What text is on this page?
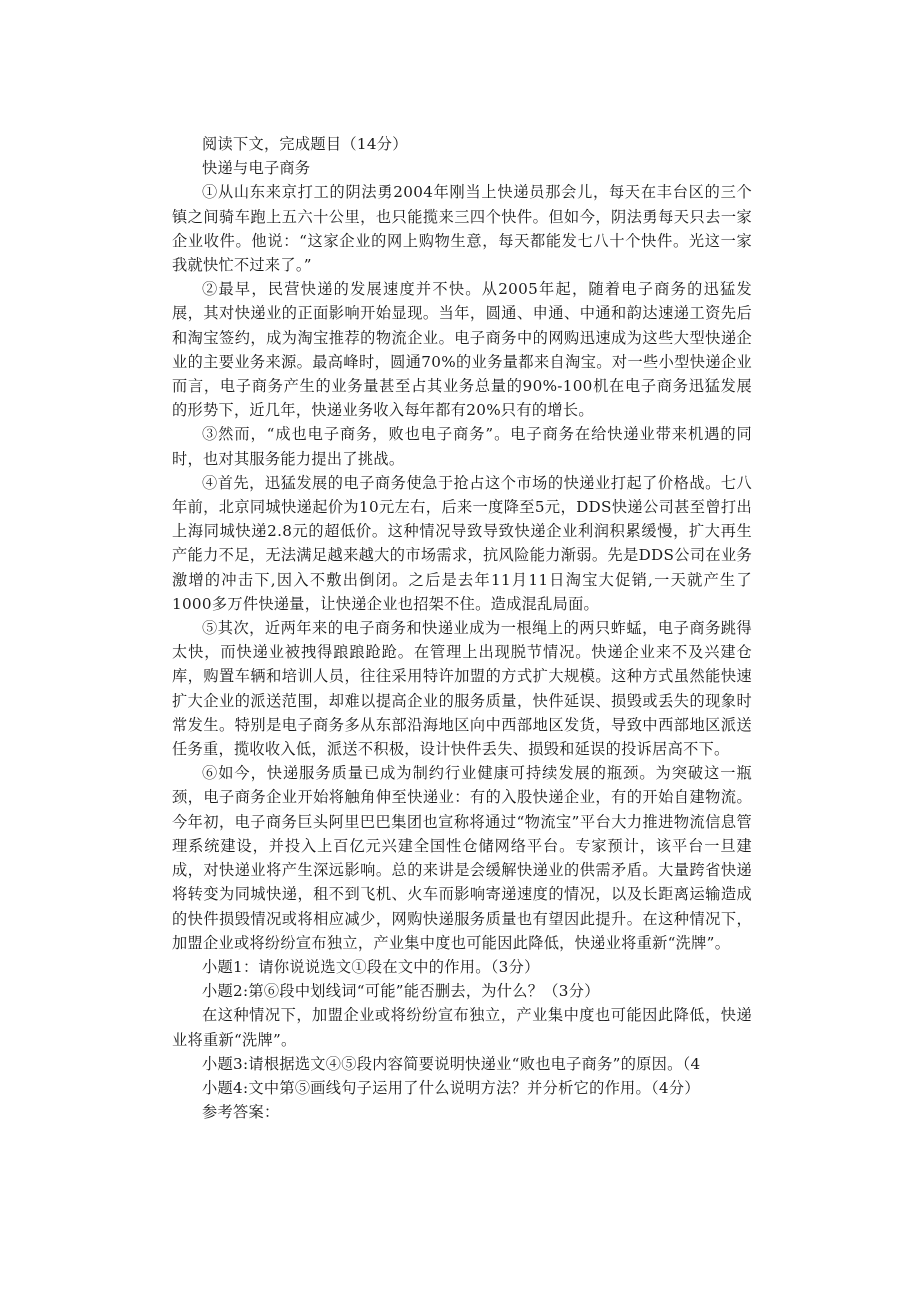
阅读下文，完成题目（14分）

快递与电子商务

①从山东来京打工的阴法勇2004年刚当上快递员那会儿，每天在丰台区的三个镇之间骑车跑上五六十公里，也只能揽来三四个快件。但如今，阴法勇每天只去一家企业收件。他说：“这家企业的网上购物生意，每天都能发七八十个快件。光这一家我就快忙不过来了。”

②最早，民营快递的发展速度并不快。从2005年起，随着电子商务的迅猛发展，其对快递业的正面影响开始显现。当年，圆通、申通、中通和韵达速递工资先后和淘宝签约，成为淘宝推荐的物流企业。电子商务中的网购迅速成为这些大型快递企业的主要业务来源。最高峰时，圆通70%的业务量都来自淘宝。对一些小型快递企业而言，电子商务产生的业务量甚至占其业务总量的90%-100机在电子商务迅猛发展的形势下，近几年，快递业务收入每年都有20%只有的增长。

③然而，“成也电子商务，败也电子商务”。电子商务在给快递业带来机遇的同时，也对其服务能力提出了挑战。

④首先，迅猛发展的电子商务使急于抢占这个市场的快递业打起了价格战。七八年前，北京同城快递起价为10元左右，后来一度降至5元，DDS快递公司甚至曾打出上海同城快递2.8元的超低价。这种情况导致导致快递企业利润积累缓慢，扩大再生产能力不足，无法满足越来越大的市场需求，抗风险能力渐弱。先是DDS公司在业务激增的冲击下,因入不敷出倒闭。之后是去年11月11日淘宝大促销,一天就产生了1000多万件快递量，让快递企业也招架不住。造成混乱局面。

⑤其次，近两年来的电子商务和快递业成为一根绳上的两只蚱蜢，电子商务跳得太快，而快递业被拽得踉踉跄跄。在管理上出现脱节情况。快递企业来不及兴建仓库，购置车辆和培训人员，往往采用特许加盟的方式扩大规模。这种方式虽然能快速扩大企业的派送范围，却难以提高企业的服务质量，快件延误、损毁或丢失的现象时常发生。特别是电子商务多从东部沿海地区向中西部地区发货，导致中西部地区派送任务重，揽收收入低，派送不积极，设计快件丢失、损毁和延误的投诉居高不下。

⑥如今，快递服务质量已成为制约行业健康可持续发展的瓶颈。为突破这一瓶颈，电子商务企业开始将触角伸至快递业：有的入股快递企业，有的开始自建物流。今年初，电子商务巨头阿里巴巴集团也宣称将通过“物流宝”平台大力推进物流信息管理系统建设，并投入上百亿元兴建全国性仓储网络平台。专家预计，该平台一旦建成，对快递业将产生深远影响。总的来讲是会缓解快递业的供需矛盾。大量跨省快递将转变为同城快递，租不到飞机、火车而影响寄递速度的情况，以及长距离运输造成的快件损毁情况或将相应减少，网购快递服务质量也有望因此提升。在这种情况下，加盟企业或将纷纷宣布独立，产业集中度也可能因此降低，快递业将重新“洗牌”。

小题1：请你说说选文①段在文中的作用。（3分）

小题2:第⑥段中划线词“可能”能否删去，为什么？（3分）

在这种情况下，加盟企业或将纷纷宣布独立，产业集中度也可能因此降低，快递业将重新“洗牌”。

小题3:请根据选文④⑤段内容简要说明快递业“败也电子商务”的原因。（4

小题4:文中第⑤画线句子运用了什么说明方法？并分析它的作用。（4分）

参考答案：
